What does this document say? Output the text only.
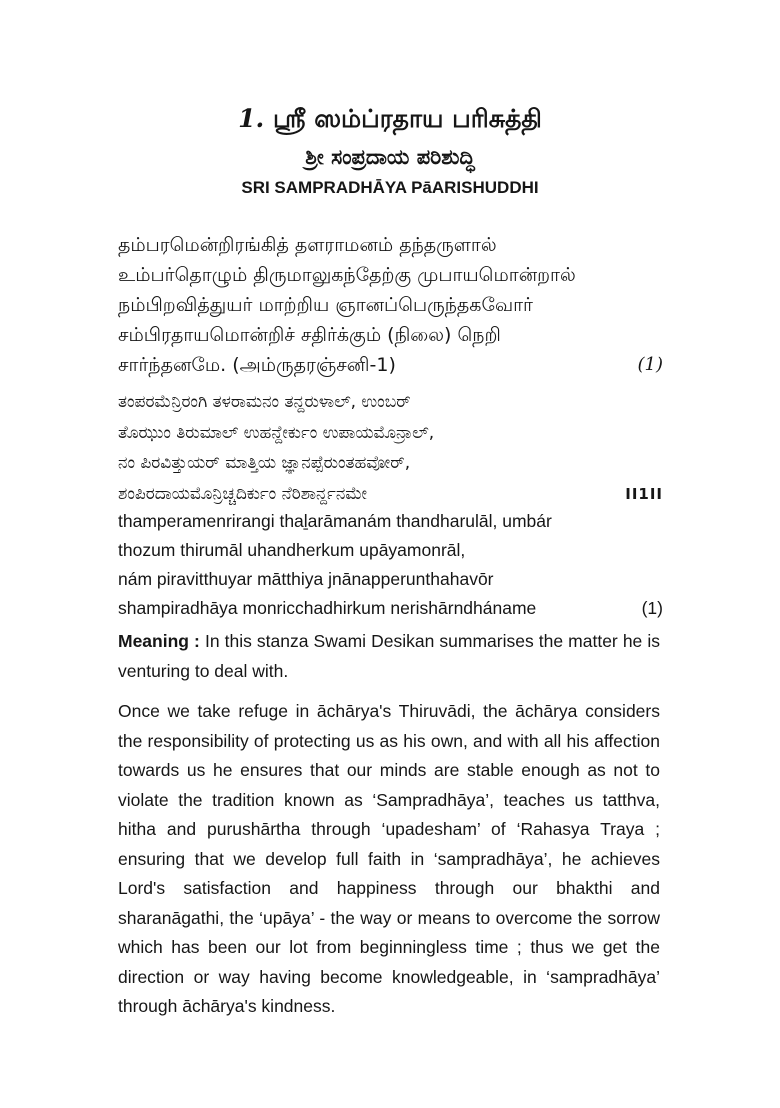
1. ஸ்ரீ ஸம்ப்ரதாய பரிசுத்தி
ಶ್ರೀ ಸಂಪ್ರದಾಯ ಪರಿಶುದ್ಧಿ
SRI SAMPRADHĀYA PāARISHUDDHI
தம்பரமென்றிரங்கித் தளராமனம் தந்தருளால்
உம்பர்தொழும் திருமாலுகந்தேற்கு முபாயமொன்றால்
நம்பிறவித்துயர் மாற்றிய ஞானப்பெருந்தகவோர்
சம்பிரதாயமொன்றிச் சதிர்க்கும் (நிலை) நெறி
சார்ந்தனமே. (அம்ருதரஞ்சனி-1)	(1)
ತಂಪರಮೆನ್ರಿರಂಗಿ ತಳರಾಮನಂ ತನ್ದರುಳಾಲ್, ಉಂಬರ್
ತೊಝುಂ ತಿರುಮಾಲ್ ಉಹನ್ದೇರ್ಕುಂ ಉಪಾಯಮೊನ್ರಾಲ್,
ನಂ ಪಿರವಿತ್ತುಯರ್ ಮಾತ್ತಿಯ ಜ್ಞಾನಪ್ಪೆರುಂತಹವೋರ್,
ಶಂಪಿರದಾಯಮೊನ್ರಿಚ್ಚದಿರ್ಕುಂ ನೆರಿಶಾರ್ನ್ದನಮೇ	II1II
thamperamenrirangi thaḻarāmanám thandharulāl, umbár
thozum thirumāl uhandherkum upāyamonrāl,
nám piravitthuyar mātthiya jnānapperunthahavōr
shampiradhāya monricchadhirkum nerishārndháname	(1)
Meaning : In this stanza Swami Desikan summarises the matter he is venturing to deal with.
Once we take refuge in āchārya's Thiruvādi, the āchārya considers the responsibility of protecting us as his own, and with all his affection towards us he ensures that our minds are stable enough as not to violate the tradition known as ‘Sampradhāya’, teaches us tatthva, hitha and purushārtha through ‘upadesham’ of ‘Rahasya Traya ; ensuring that we develop full faith in ‘sampradhāya’, he achieves Lord's satisfaction and happiness through our bhakthi and sharanāgathi, the ‘upāya’ - the way or means to overcome the sorrow which has been our lot from beginningless time ; thus we get the direction or way having become knowledgeable, in ‘sampradhāya’ through āchārya's kindness.
